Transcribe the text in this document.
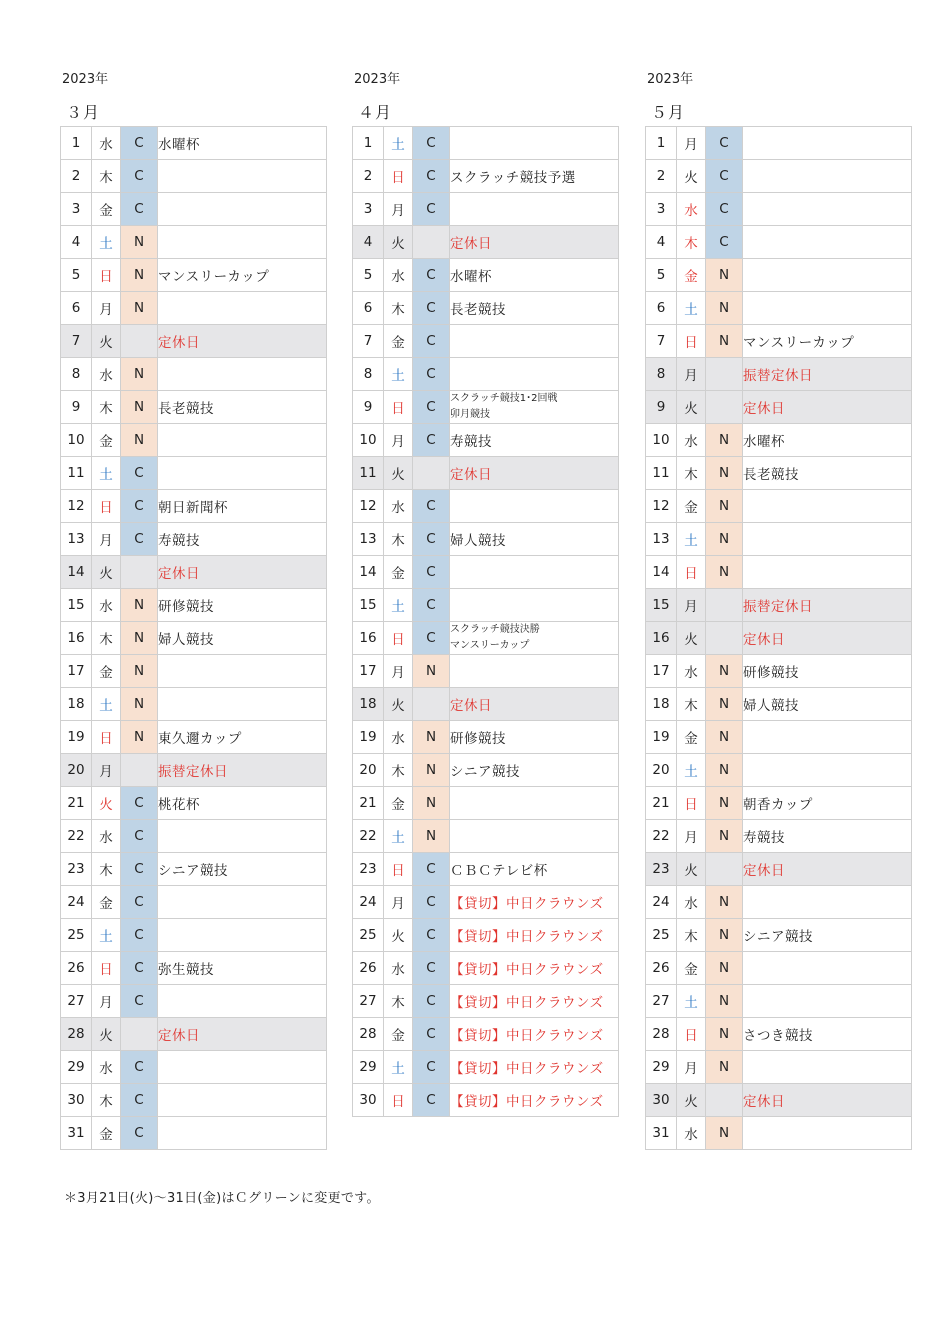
2023年
３月
1	水	C	水曜杯
2	木	C	
3	金	C	
4	土	N	
5	日	N	マンスリーカップ
6	月	N	
7	火		定休日
8	水	N	
9	木	N	長老競技
10	金	N	
11	土	C	
12	日	C	朝日新聞杯
13	月	C	寿競技
14	火		定休日
15	水	N	研修競技
16	木	N	婦人競技
17	金	N	
18	土	N	
19	日	N	東久邇カップ
20	月		振替定休日
21	火	C	桃花杯
22	水	C	
23	木	C	シニア競技
24	金	C	
25	土	C	
26	日	C	弥生競技
27	月	C	
28	火		定休日
29	水	C	
30	木	C	
31	金	C	
2023年
４月
1	土	C	
2	日	C	スクラッチ競技予選
3	月	C	
4	火		定休日
5	水	C	水曜杯
6	木	C	長老競技
7	金	C	
8	土	C	
9	日	C	スクラッチ競技1･2回戦
卯月競技

10	月	C	寿競技
11	火		定休日
12	水	C	
13	木	C	婦人競技
14	金	C	
15	土	C	
16	日	C	スクラッチ競技決勝
マンスリーカップ

17	月	N	
18	火		定休日
19	水	N	研修競技
20	木	N	シニア競技
21	金	N	
22	土	N	
23	日	C	ＣＢＣテレビ杯
24	月	C	【貸切】中日クラウンズ
25	火	C	【貸切】中日クラウンズ
26	水	C	【貸切】中日クラウンズ
27	木	C	【貸切】中日クラウンズ
28	金	C	【貸切】中日クラウンズ
29	土	C	【貸切】中日クラウンズ
30	日	C	【貸切】中日クラウンズ
2023年
５月
1	月	C	
2	火	C	
3	水	C	
4	木	C	
5	金	N	
6	土	N	
7	日	N	マンスリーカップ
8	月		振替定休日
9	火		定休日
10	水	N	水曜杯
11	木	N	長老競技
12	金	N	
13	土	N	
14	日	N	
15	月		振替定休日
16	火		定休日
17	水	N	研修競技
18	木	N	婦人競技
19	金	N	
20	土	N	
21	日	N	朝香カップ
22	月	N	寿競技
23	火		定休日
24	水	N	
25	木	N	シニア競技
26	金	N	
27	土	N	
28	日	N	さつき競技
29	月	N	
30	火		定休日
31	水	N	
＊3月21日(火)～31日(金)はＣグリーンに変更です。
